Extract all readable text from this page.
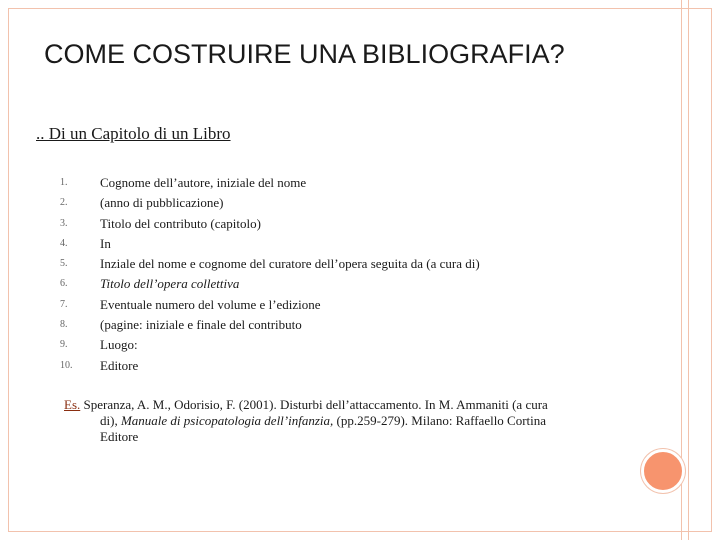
COME COSTRUIRE UNA BIBLIOGRAFIA?
.. Di un Capitolo di un Libro
1.	Cognome dell’autore, iniziale del nome
2.	(anno di pubblicazione)
3.	Titolo del contributo (capitolo)
4.	In
5.	Inziale del nome e cognome del curatore dell’opera seguita da (a cura di)
6.	Titolo dell’opera collettiva
7.	Eventuale numero del volume e l’edizione
8.	(pagine: iniziale e finale del contributo
9.	Luogo:
10.	Editore
Es. Speranza, A. M., Odorisio, F. (2001). Disturbi dell’attaccamento. In M. Ammaniti (a cura
di), Manuale di psicopatologia dell’infanzia, (pp.259-279). Milano: Raffaello Cortina
Editore
